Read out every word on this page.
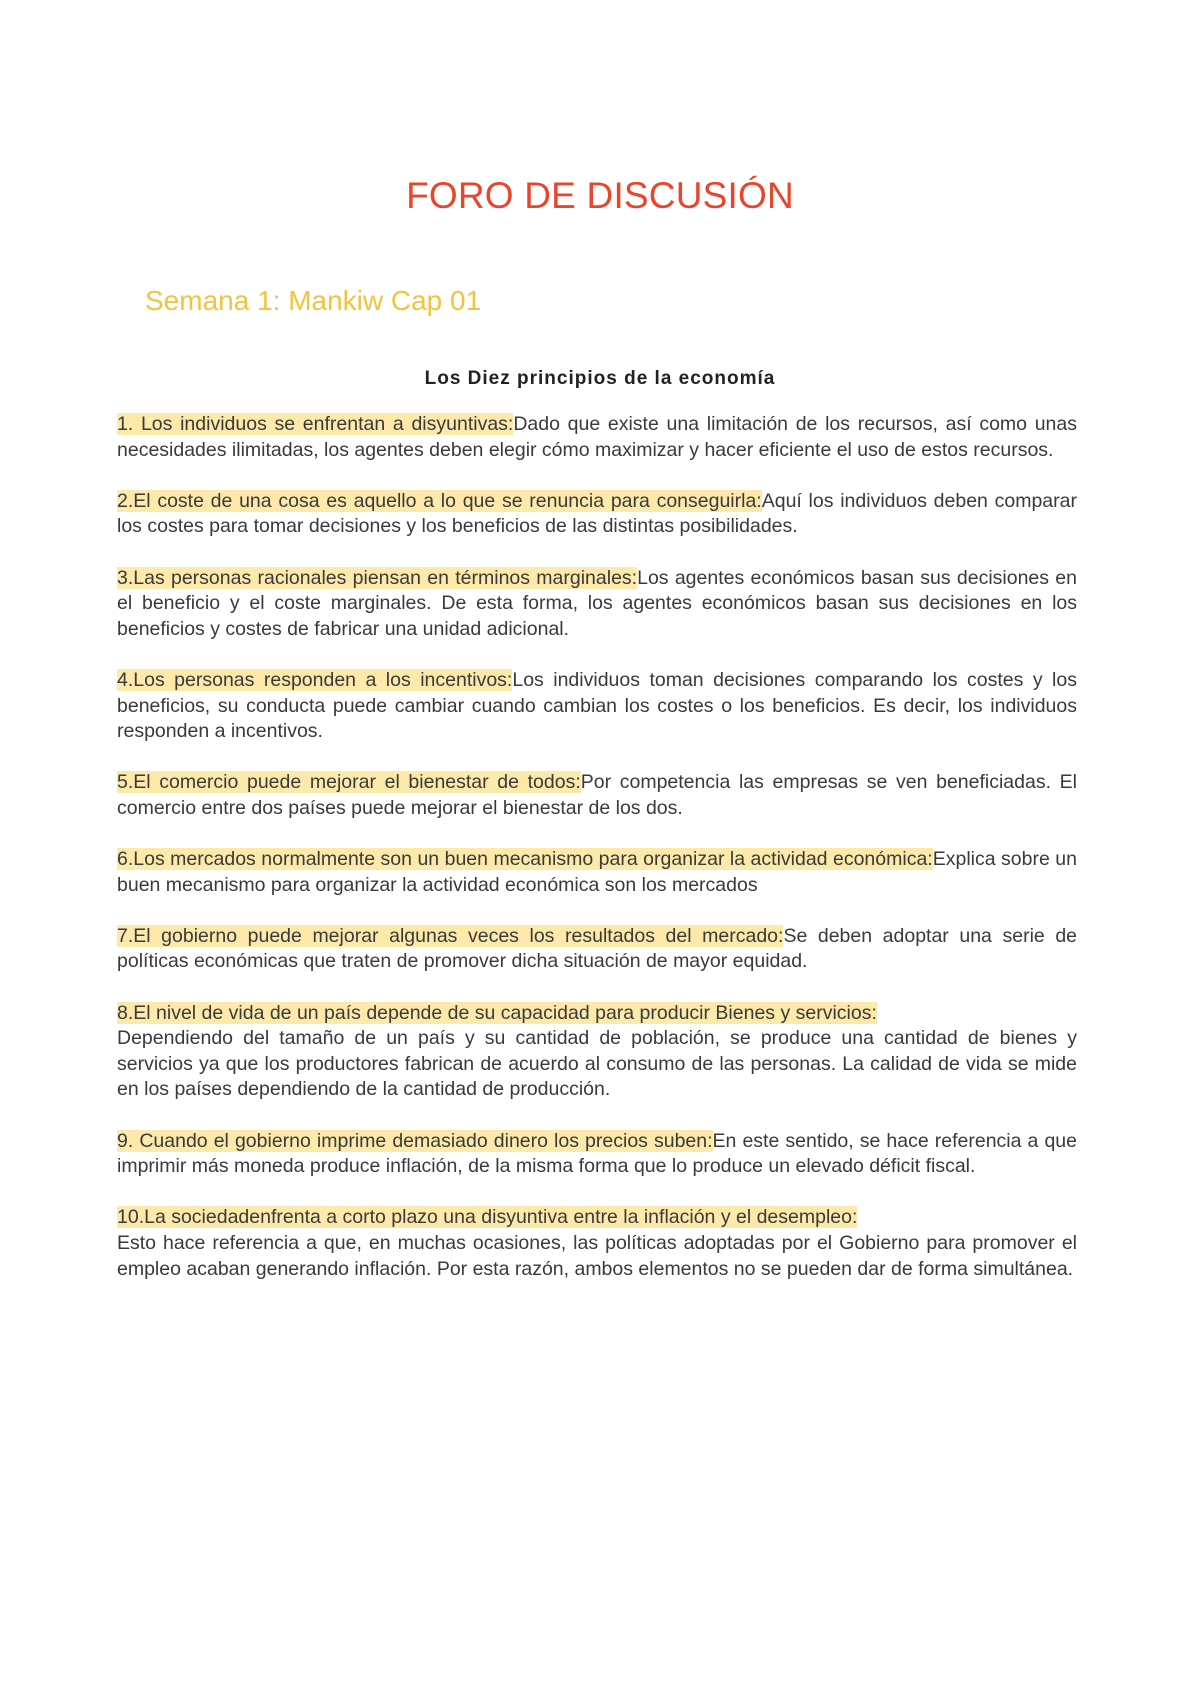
FORO DE DISCUSIÓN
Semana 1: Mankiw Cap 01
Los Diez principios de la economía
1. Los individuos se enfrentan a disyuntivas:Dado que existe una limitación de los recursos, así como unas necesidades ilimitadas, los agentes deben elegir cómo maximizar y hacer eficiente el uso de estos recursos.
2.El coste de una cosa es aquello a lo que se renuncia para conseguirla:Aquí los individuos deben comparar los costes para tomar decisiones y los beneficios de las distintas posibilidades.
3.Las personas racionales piensan en términos marginales:Los agentes económicos basan sus decisiones en el beneficio y el coste marginales. De esta forma, los agentes económicos basan sus decisiones en los beneficios y costes de fabricar una unidad adicional.
4.Los personas responden a los incentivos:Los individuos toman decisiones comparando los costes y los beneficios, su conducta puede cambiar cuando cambian los costes o los beneficios. Es decir, los individuos responden a incentivos.
5.El comercio puede mejorar el bienestar de todos:Por competencia las empresas se ven beneficiadas. El comercio entre dos países puede mejorar el bienestar de los dos.
6.Los mercados normalmente son un buen mecanismo para organizar la actividad económica:Explica sobre un buen mecanismo para organizar la actividad económica son los mercados
7.El gobierno puede mejorar algunas veces los resultados del mercado:Se deben adoptar una serie de políticas económicas que traten de promover dicha situación de mayor equidad.
8.El nivel de vida de un país depende de su capacidad para producir Bienes y servicios:
Dependiendo del tamaño de un país y su cantidad de población, se produce una cantidad de bienes y servicios ya que los productores fabrican de acuerdo al consumo de las personas. La calidad de vida se mide en los países dependiendo de la cantidad de producción.
9. Cuando el gobierno imprime demasiado dinero los precios suben:En este sentido, se hace referencia a que imprimir más moneda produce inflación, de la misma forma que lo produce un elevado déficit fiscal.
10.La sociedadenfrenta a corto plazo una disyuntiva entre la inflación y el desempleo:
Esto hace referencia a que, en muchas ocasiones, las políticas adoptadas por el Gobierno para promover el empleo acaban generando inflación. Por esta razón, ambos elementos no se pueden dar de forma simultánea.
